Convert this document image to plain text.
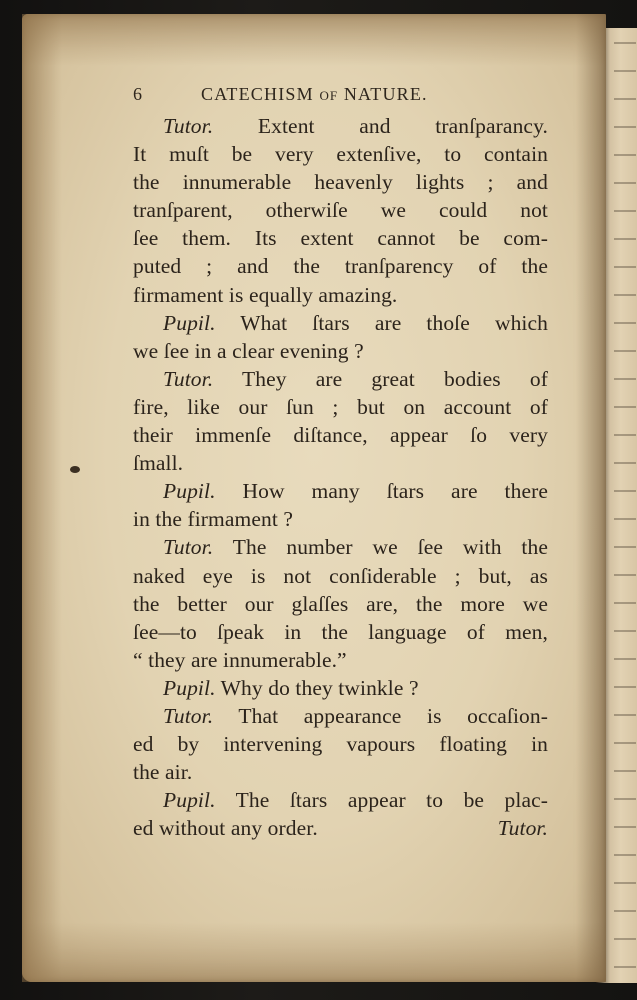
6	CATECHISM OF NATURE.
Tutor. Extent and tranſparancy.
It muſt be very extenſive, to contain
the innumerable heavenly lights ; and
tranſparent, otherwiſe we could not
ſee them. Its extent cannot be com-
puted ; and the tranſparency of the
firmament is equally amazing.
Pupil. What ſtars are thoſe which
we ſee in a clear evening ?
Tutor. They are great bodies of
fire, like our ſun ; but on account of
their immenſe diſtance, appear ſo very
ſmall.
Pupil. How many ſtars are there
in the firmament ?
Tutor. The number we ſee with the
naked eye is not conſiderable ; but, as
the better our glaſſes are, the more we
ſee—to ſpeak in the language of men,
“ they are innumerable.”
Pupil. Why do they twinkle ?
Tutor. That appearance is occaſion-
ed by intervening vapours floating in
the air.
Pupil. The ſtars appear to be plac-
ed without any order.	Tutor.
